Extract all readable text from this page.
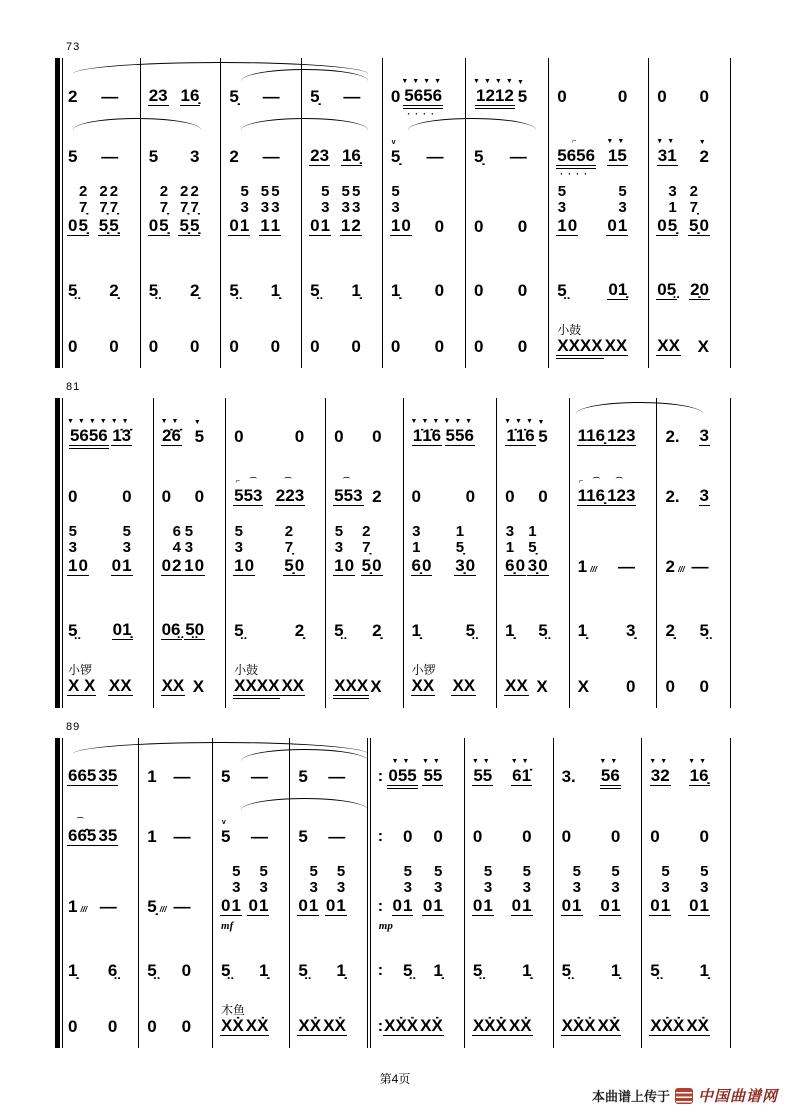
73
2 — 23 16̣ 5̣ — 5̣ — 0
▼▼▼▼
5656
····
▼▼▼▼
1212
▼
5 0	0 0 0
5 — 5 3 2 — 23 16̣
v
5̣ — 5̣ —
⌐
5656
····
▼▼
15
▼▼
31
▼
2
0
2
7̣
5̣
2
7̣
5̣
2
7̣
5̣ 0
2
7̣
5̣
2
7̣
5̣
2
7̣
5̣ 0
5
3
1
5
3
1
5
3
1 0
5
3
1
5
3
1
5
3
2
5
3
1 0 0 0 0
5
3
1 0 0
5
3
1 0
3
1
5̣
2
7̣
5̣ 0
5̤ 2̣ 5̤ 2̣ 5̤ 1̣ 5̤ 1̣ 1̣ 0 0 0 5̤ 01̣ 05̤ 2̣0
0 0 0 0 0 0 0 0 0 0 0 0
小鼓
XXXX XX XX X
81
▼▼▼▼
5656
▼▼
1̇3̇
▼▼
2̇6̇
▼
5 0	0 0 0
▼▼▼
1̇1̇6
▼▼▼
556
▼▼▼
1̇1̇6
▼
5 116̣ 123 2. 3
0	0 0 0
⌐ ⌒
553
⌒
223
⌒
553 2 0	0 0 0
⌐ ⌒
116̣
⌒
123 2. 3
5
3
1 0 0
5
3
1 0
6
4
2
5
3
1 0
5
3
1 0
2
7̣
5̣ 0
5
3
1 0
2
7̣
5̣ 0
3
1
6̣ 0
1
5̣
3̣ 0
3
1
6̣ 0
1
5̣
3̣ 0 1 /// — 2 /// —
5̤ 01̣ 06̤ 5̤0 5̤	2̣ 5̤ 2̣ 1̣	5̤ 1̣ 5̤ 1̣ 3̣ 2̣ 5̤
小锣
X X XX XX X
小鼓
XXXX XX XXX X
小锣
XX XX XX X X 0 0 0
89
665 35 1 — 5 — 5 — :
▼▼
055
▼▼
55
▼▼
55
▼▼
61̇ 3.
▼▼
56
▼▼
32
▼▼
16̣
⌒
66̂5 35 1 —
v
5 — 5 — : 0 0 0 0 0 0 0 0
1 /// — 5̣ /// —
mf
0
5
3
1 0
5
3
1 0
5
3
1 0
5
3
1
mp
: 0
5
3
1 0
5
3
1 0
5
3
1 0
5
3
1 0
5
3
1 0
5
3
1 0
5
3
1 0
5
3
1
1̣ 6̤ 5̤ 0 5̤ 1̣ 5̤ 1̣ : 5̤ 1̣ 5̤ 1̣ 5̤ 1̣ 5̤ 1̣
0 0 0 0
木鱼
XẊ XẊ XẊ XẊ : XẊẊ XẊ XẊẊ XẊ XẊẊ XẊ XẊẊ XẊ
第4页
本曲谱上传于 中国曲谱网
